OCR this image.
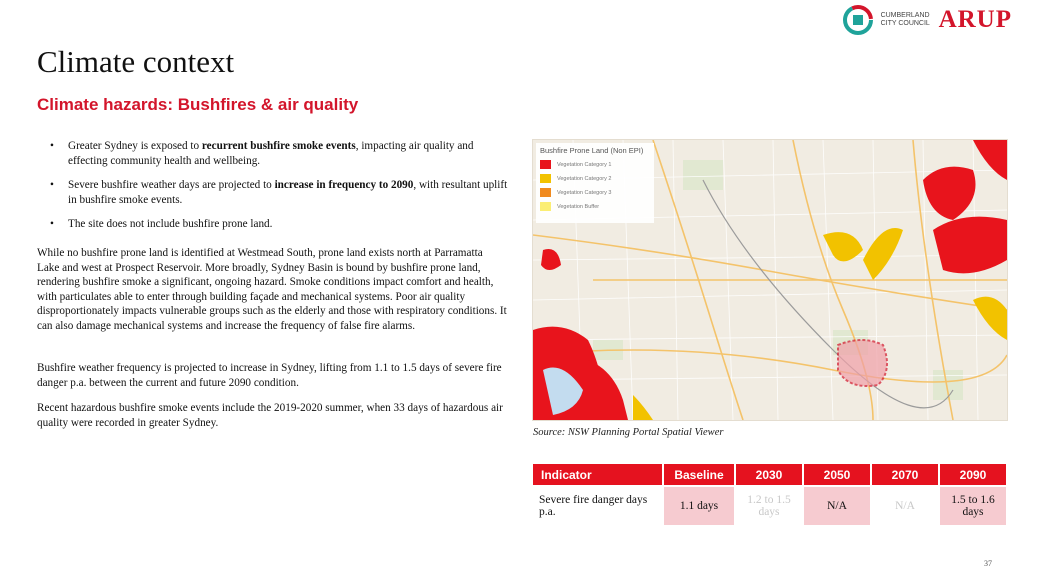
CUMBERLAND
CITY COUNCIL ARUP
Climate context
Climate hazards: Bushfires & air quality
• Greater Sydney is exposed to recurrent bushfire smoke events, impacting air quality and effecting community health and wellbeing.
• Severe bushfire weather days are projected to increase in frequency to 2090, with resultant uplift in bushfire smoke events.
• The site does not include bushfire prone land.

While no bushfire prone land is identified at Westmead South, prone land exists north at Parramatta Lake and west at Prospect Reservoir. More broadly, Sydney Basin is bound by bushfire prone land, rendering bushfire smoke a significant, ongoing hazard. Smoke conditions impact comfort and health, with particulates able to enter through building façade and mechanical systems. Poor air quality disproportionately impacts vulnerable groups such as the elderly and those with respiratory conditions. It can also damage mechanical systems and increase the frequency of false fire alarms.

Bushfire weather frequency is projected to increase in Sydney, lifting from 1.1 to 1.5 days of severe fire danger p.a. between the current and future 2090 condition.

Recent hazardous bushfire smoke events include the 2019-2020 summer, when 33 days of hazardous air quality were recorded in greater Sydney.

Bushfire Prone Land (Non EPI)
Vegetation Category 1
Vegetation Category 2
Vegetation Category 3
Vegetation Buffer
Source: NSW Planning Portal Spatial Viewer
Indicator	Baseline	2030	2050	2070	2090
Severe fire danger days p.a.	1.1 days	1.2 to 1.5 days	N/A	N/A	1.5 to 1.6 days
37
